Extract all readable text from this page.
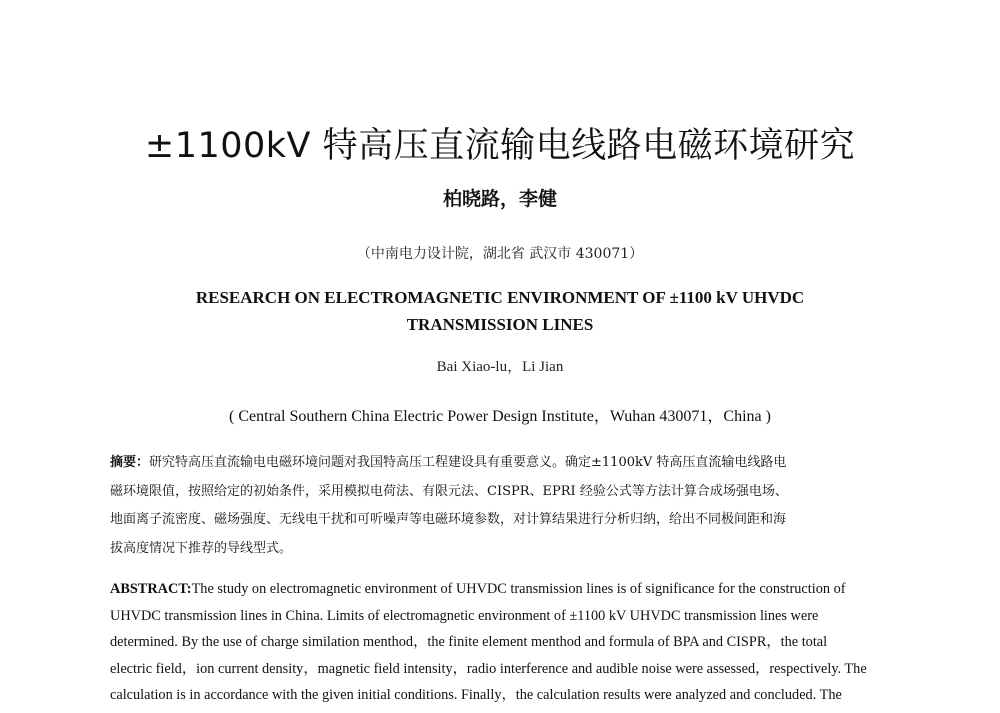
±1100kV 特高压直流输电线路电磁环境研究
柏晓路，李健
（中南电力设计院，湖北省 武汉市 430071）
RESEARCH ON ELECTROMAGNETIC ENVIRONMENT OF ±1100 kV UHVDC
TRANSMISSION LINES
Bai Xiao-lu，Li Jian
( Central Southern China Electric Power Design Institute，Wuhan 430071，China )
摘要：研究特高压直流输电电磁环境问题对我国特高压工程建设具有重要意义。确定±1100kV 特高压直流输电线路电
磁环境限值，按照给定的初始条件，采用模拟电荷法、有限元法、CISPR、EPRI 经验公式等方法计算合成场强电场、
地面离子流密度、磁场强度、无线电干扰和可听噪声等电磁环境参数，对计算结果进行分析归纳，给出不同极间距和海
拔高度情况下推荐的导线型式。
ABSTRACT:The study on electromagnetic environment of UHVDC transmission lines is of significance for the construction of
UHVDC transmission lines in China. Limits of electromagnetic environment of ±1100 kV UHVDC transmission lines were
determined. By the use of charge similation menthod，the finite element menthod and formula of BPA and CISPR，the total
electric field，ion current density，magnetic field intensity，radio interference and audible noise were assessed，respectively. The
calculation is in accordance with the given initial conditions. Finally，the calculation results were analyzed and concluded. The
